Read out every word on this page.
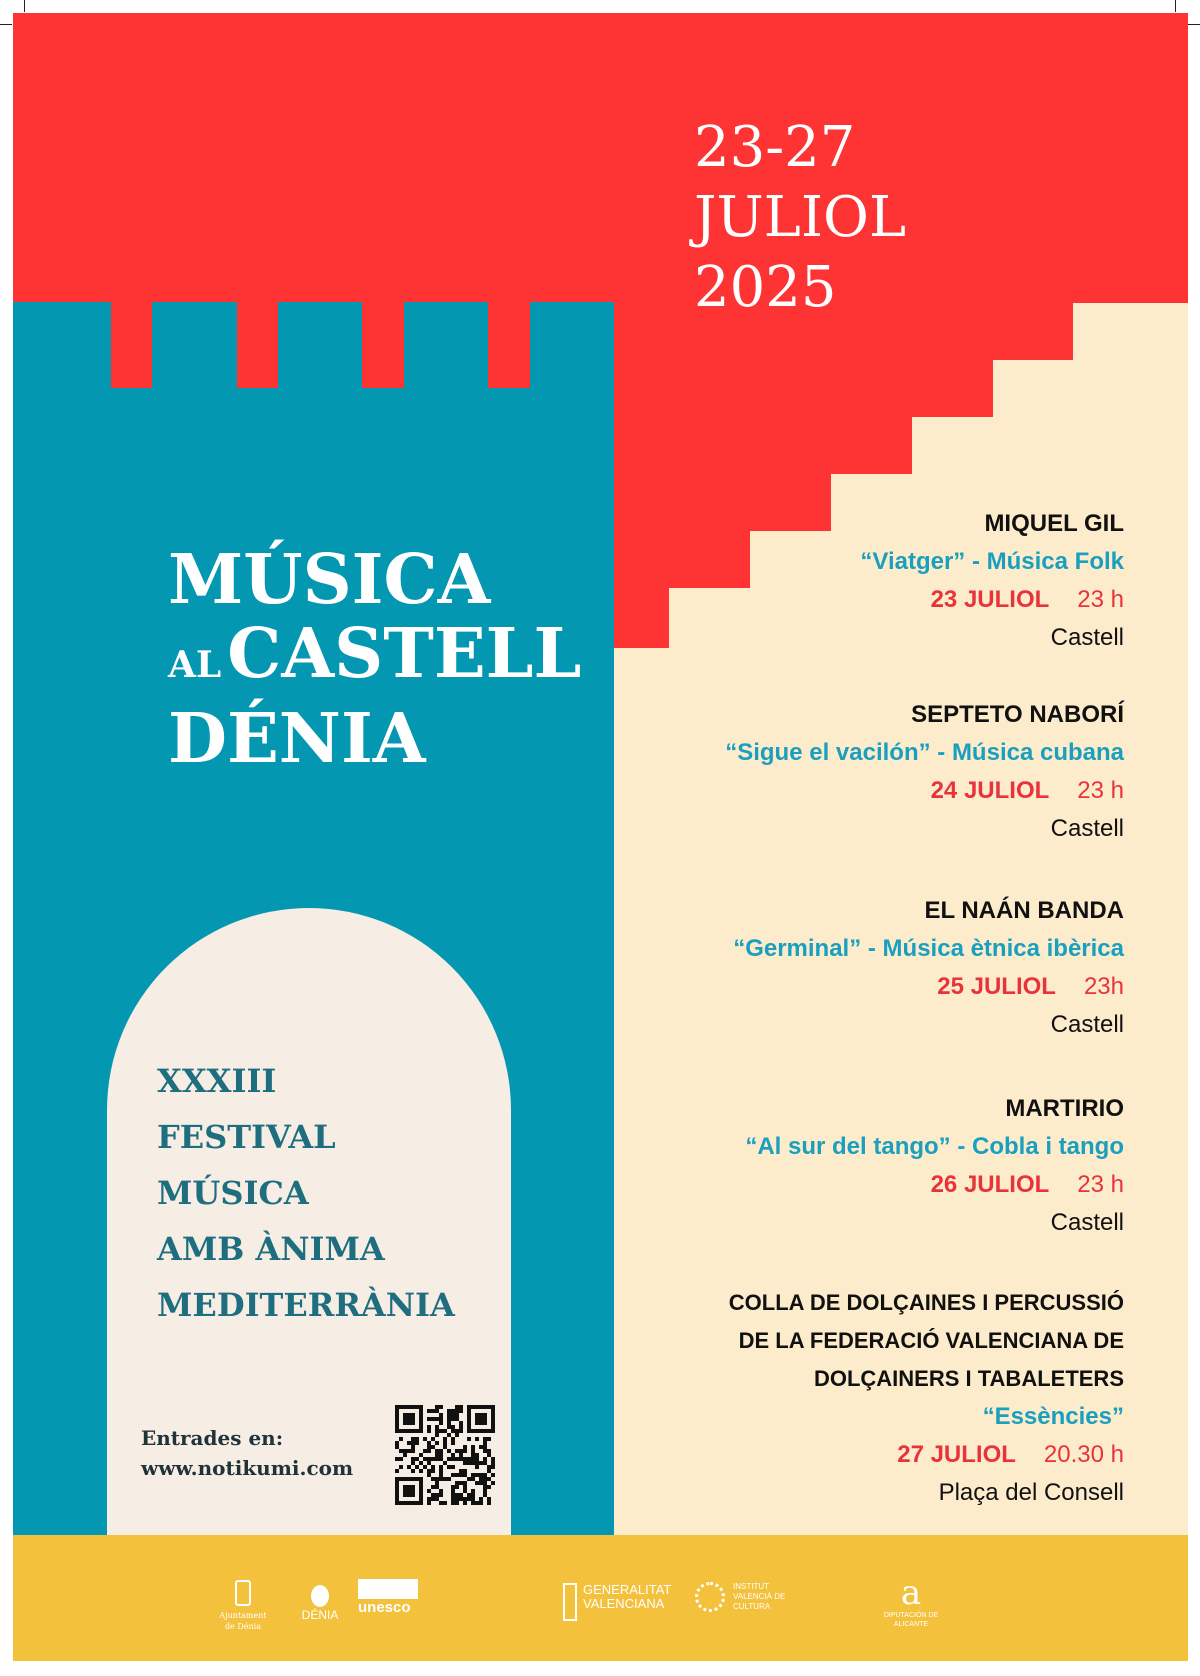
23-27
JULIOL
2025
MÚSICA
ALCASTELL
DÉNIA
XXXIII
FESTIVAL
MÚSICA
AMB ÀNIMA
MEDITERRÀNIA
Entrades en:
www.notikumi.com
MIQUEL GIL
“Viatger” - Música Folk
23 JULIOL 23 h
Castell
SEPTETO NABORÍ
“Sigue el vacilón” - Música cubana
24 JULIOL 23 h
Castell
EL NAÁN BANDA
“Germinal” - Música ètnica ibèrica
25 JULIOL 23h
Castell
MARTIRIO
“Al sur del tango” - Cobla i tango
26 JULIOL 23 h
Castell
COLLA DE DOLÇAINES I PERCUSSIÓ
DE LA FEDERACIÓ VALENCIANA DE
DOLÇAINERS I TABALETERS
“Essències”
27 JULIOL 20.30 h
Plaça del Consell
Ajuntament de Dénia
DÉNIA unesco
GENERALITAT VALENCIANA
INSTITUT VALENCIÀ DE CULTURA	a
DIPUTACIÓN DE ALICANTE
